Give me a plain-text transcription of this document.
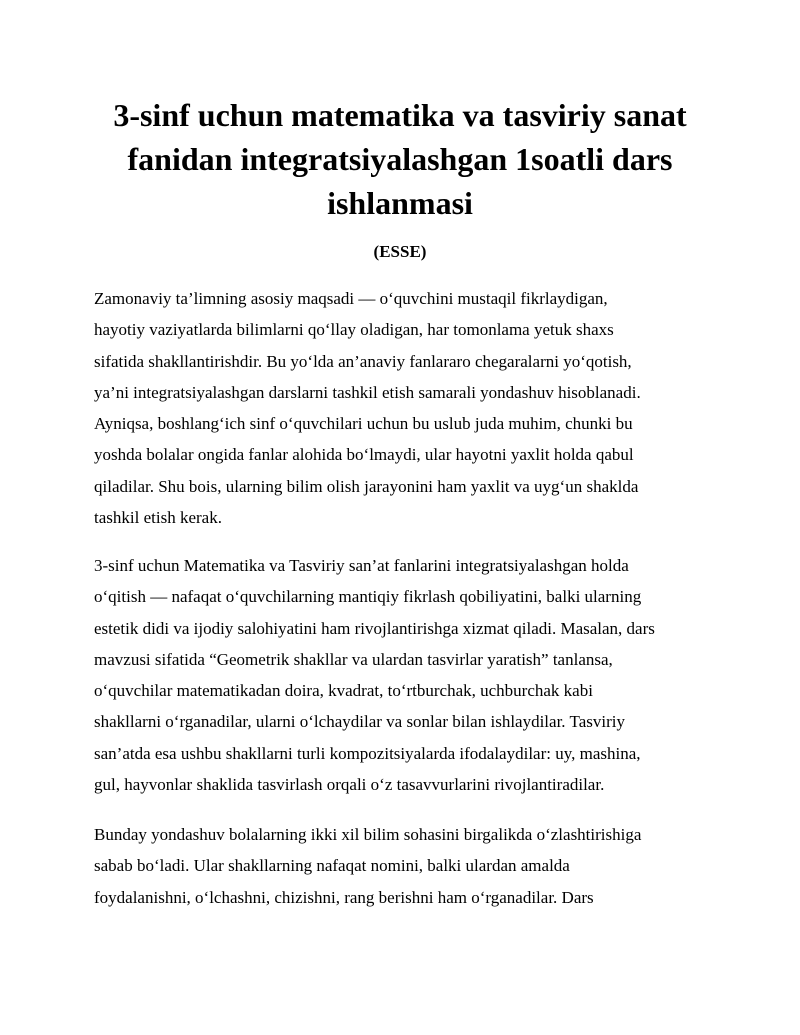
3-sinf uchun matematika va tasviriy sanat
fanidan integratsiyalashgan 1soatli dars
ishlanmasi

(ESSE)

Zamonaviy ta’limning asosiy maqsadi — o‘quvchini mustaqil fikrlaydigan,
hayotiy vaziyatlarda bilimlarni qo‘llay oladigan, har tomonlama yetuk shaxs
sifatida shakllantirishdir. Bu yo‘lda an’anaviy fanlararo chegaralarni yo‘qotish,
ya’ni integratsiyalashgan darslarni tashkil etish samarali yondashuv hisoblanadi.
Ayniqsa, boshlang‘ich sinf o‘quvchilari uchun bu uslub juda muhim, chunki bu
yoshda bolalar ongida fanlar alohida bo‘lmaydi, ular hayotni yaxlit holda qabul
qiladilar. Shu bois, ularning bilim olish jarayonini ham yaxlit va uyg‘un shaklda
tashkil etish kerak.
3-sinf uchun Matematika va Tasviriy san’at fanlarini integratsiyalashgan holda
o‘qitish — nafaqat o‘quvchilarning mantiqiy fikrlash qobiliyatini, balki ularning
estetik didi va ijodiy salohiyatini ham rivojlantirishga xizmat qiladi. Masalan, dars
mavzusi sifatida “Geometrik shakllar va ulardan tasvirlar yaratish” tanlansa,
o‘quvchilar matematikadan doira, kvadrat, to‘rtburchak, uchburchak kabi
shakllarni o‘rganadilar, ularni o‘lchaydilar va sonlar bilan ishlaydilar. Tasviriy
san’atda esa ushbu shakllarni turli kompozitsiyalarda ifodalaydilar: uy, mashina,
gul, hayvonlar shaklida tasvirlash orqali o‘z tasavvurlarini rivojlantiradilar.
Bunday yondashuv bolalarning ikki xil bilim sohasini birgalikda o‘zlashtirishiga
sabab bo‘ladi. Ular shakllarning nafaqat nomini, balki ulardan amalda
foydalanishni, o‘lchashni, chizishni, rang berishni ham o‘rganadilar. Dars
